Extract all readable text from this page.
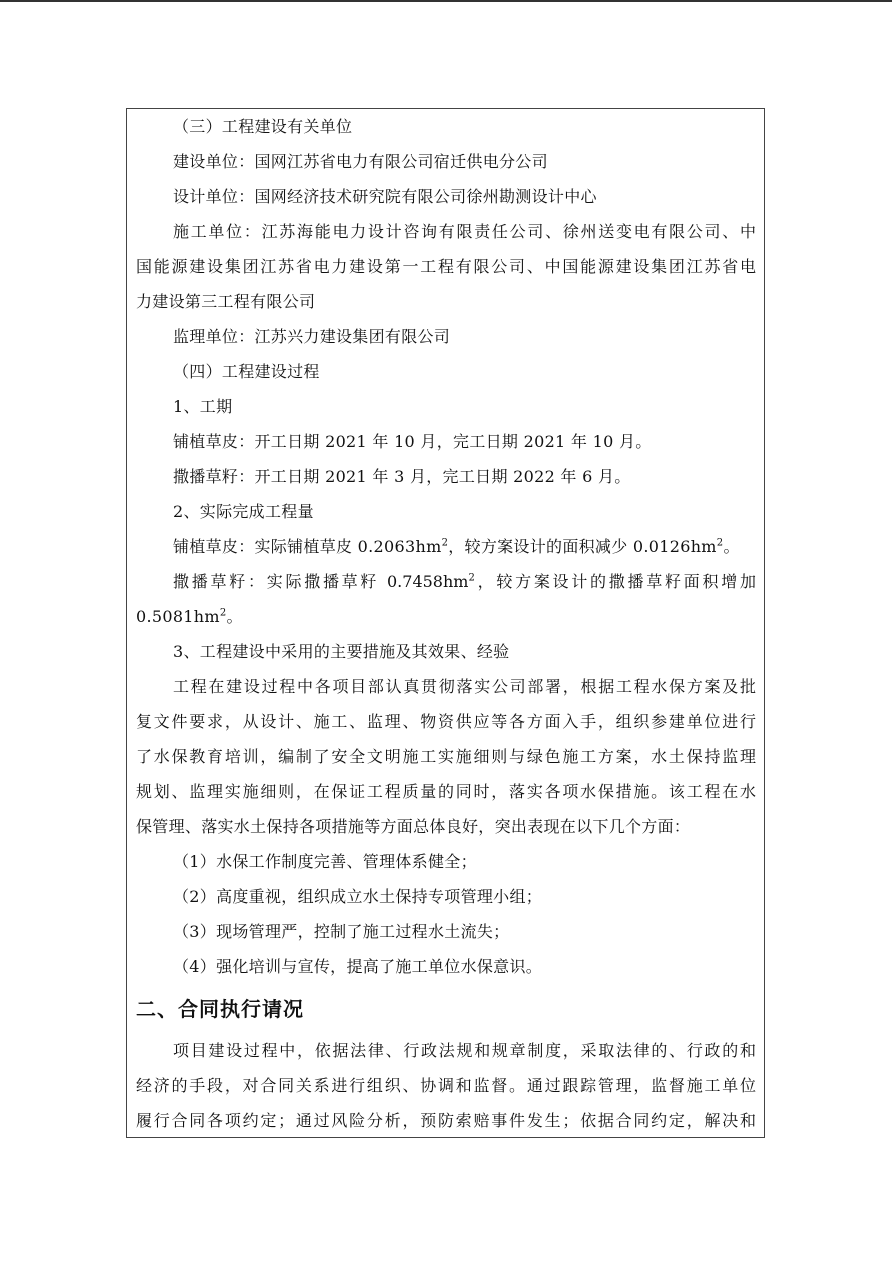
（三）工程建设有关单位
建设单位：国网江苏省电力有限公司宿迁供电分公司
设计单位：国网经济技术研究院有限公司徐州勘测设计中心
施工单位：江苏海能电力设计咨询有限责任公司、徐州送变电有限公司、中
国能源建设集团江苏省电力建设第一工程有限公司、中国能源建设集团江苏省电
力建设第三工程有限公司
监理单位：江苏兴力建设集团有限公司
（四）工程建设过程
1、工期
铺植草皮：开工日期 2021 年 10 月，完工日期 2021 年 10 月。
撒播草籽：开工日期 2021 年 3 月，完工日期 2022 年 6 月。
2、实际完成工程量
铺植草皮：实际铺植草皮 $0.2063hm^2$，较方案设计的面积减少 $0.0126hm^2$。
撒播草籽：实际撒播草籽 $0.7458hm^2$，较方案设计的撒播草籽面积增加
$0.5081hm^2$。
3、工程建设中采用的主要措施及其效果、经验
工程在建设过程中各项目部认真贯彻落实公司部署，根据工程水保方案及批
复文件要求，从设计、施工、监理、物资供应等各方面入手，组织参建单位进行
了水保教育培训，编制了安全文明施工实施细则与绿色施工方案，水土保持监理
规划、监理实施细则，在保证工程质量的同时，落实各项水保措施。该工程在水
保管理、落实水土保持各项措施等方面总体良好，突出表现在以下几个方面：
（1）水保工作制度完善、管理体系健全；
（2）高度重视，组织成立水土保持专项管理小组；
（3）现场管理严，控制了施工过程水土流失；
（4）强化培训与宣传，提高了施工单位水保意识。
二、合同执行请况
项目建设过程中，依据法律、行政法规和规章制度，采取法律的、行政的和
经济的手段，对合同关系进行组织、协调和监督。通过跟踪管理，监督施工单位
履行合同各项约定；通过风险分析，预防索赔事件发生；依据合同约定，解决和
